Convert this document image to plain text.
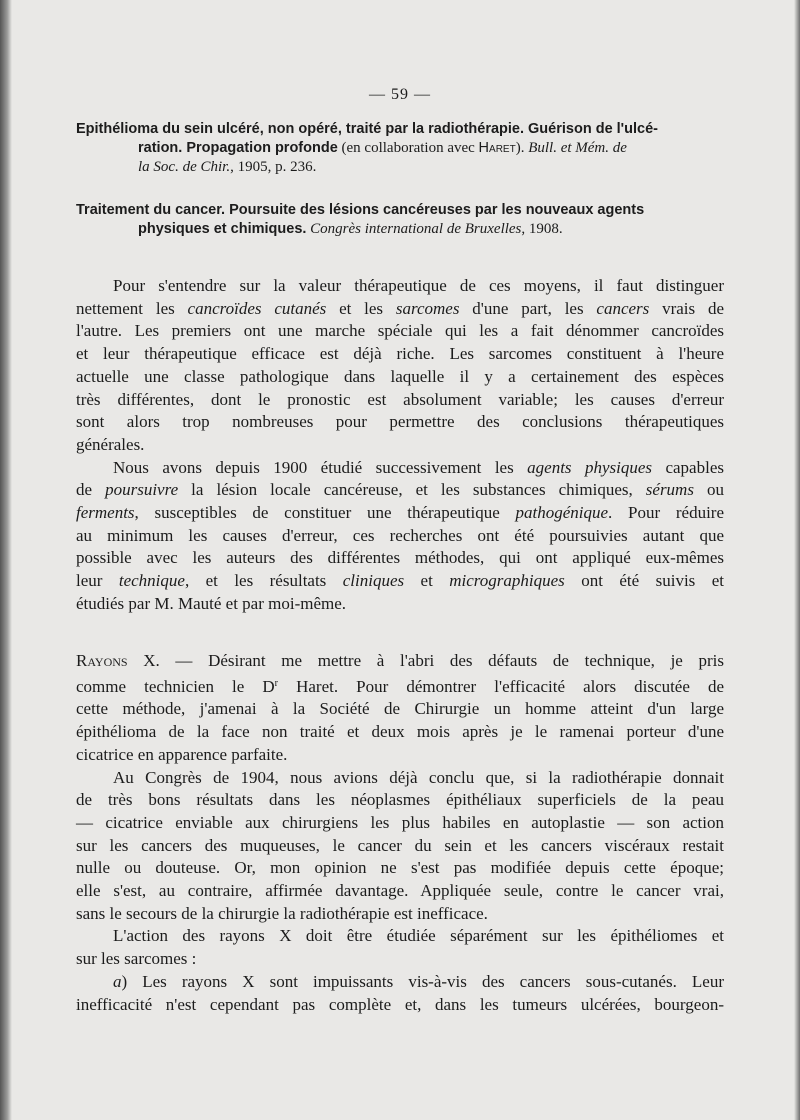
— 59 —
Epithélioma du sein ulcéré, non opéré, traité par la radiothérapie. Guérison de l'ulcé-
ration. Propagation profonde (en collaboration avec Haret). Bull. et Mém. de
la Soc. de Chir., 1905, p. 236.
Traitement du cancer. Poursuite des lésions cancéreuses par les nouveaux agents
physiques et chimiques. Congrès international de Bruxelles, 1908.
Pour s'entendre sur la valeur thérapeutique de ces moyens, il faut distinguer
nettement les cancroïdes cutanés et les sarcomes d'une part, les cancers vrais de
l'autre. Les premiers ont une marche spéciale qui les a fait dénommer cancroïdes
et leur thérapeutique efficace est déjà riche. Les sarcomes constituent à l'heure
actuelle une classe pathologique dans laquelle il y a certainement des espèces
très différentes, dont le pronostic est absolument variable; les causes d'erreur
sont alors trop nombreuses pour permettre des conclusions thérapeutiques
générales.
Nous avons depuis 1900 étudié successivement les agents physiques capables
de poursuivre la lésion locale cancéreuse, et les substances chimiques, sérums ou
ferments, susceptibles de constituer une thérapeutique pathogénique. Pour réduire
au minimum les causes d'erreur, ces recherches ont été poursuivies autant que
possible avec les auteurs des différentes méthodes, qui ont appliqué eux-mêmes
leur technique, et les résultats cliniques et micrographiques ont été suivis et
étudiés par M. Mauté et par moi-même.
Rayons X. — Désirant me mettre à l'abri des défauts de technique, je pris
comme technicien le $D^r$ Haret. Pour démontrer l'efficacité alors discutée de
cette méthode, j'amenai à la Société de Chirurgie un homme atteint d'un large
épithélioma de la face non traité et deux mois après je le ramenai porteur d'une
cicatrice en apparence parfaite.
Au Congrès de 1904, nous avions déjà conclu que, si la radiothérapie donnait
de très bons résultats dans les néoplasmes épithéliaux superficiels de la peau
— cicatrice enviable aux chirurgiens les plus habiles en autoplastie — son action
sur les cancers des muqueuses, le cancer du sein et les cancers viscéraux restait
nulle ou douteuse. Or, mon opinion ne s'est pas modifiée depuis cette époque;
elle s'est, au contraire, affirmée davantage. Appliquée seule, contre le cancer vrai,
sans le secours de la chirurgie la radiothérapie est inefficace.
L'action des rayons X doit être étudiée séparément sur les épithéliomes et
sur les sarcomes :
a) Les rayons X sont impuissants vis-à-vis des cancers sous-cutanés. Leur
inefficacité n'est cependant pas complète et, dans les tumeurs ulcérées, bourgeon-
